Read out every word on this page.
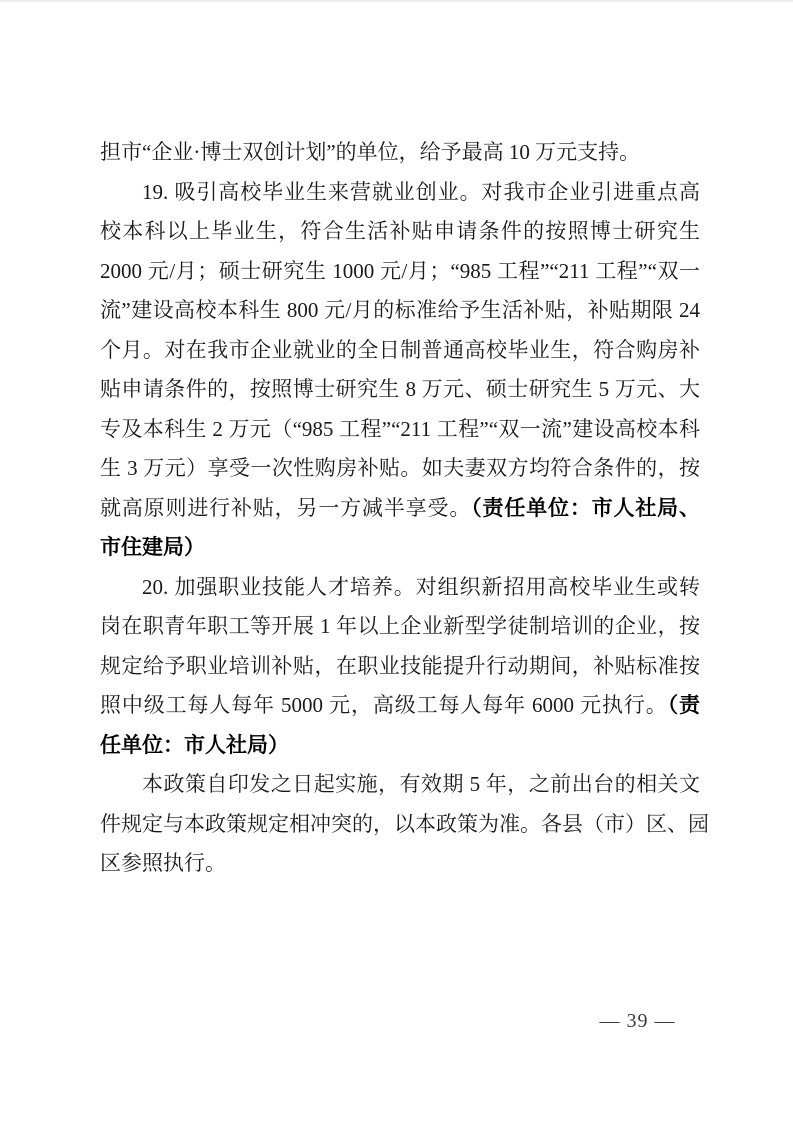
担市“企业·博士双创计划”的单位，给予最高 10 万元支持。
19. 吸引高校毕业生来营就业创业。对我市企业引进重点高
校本科以上毕业生，符合生活补贴申请条件的按照博士研究生
2000 元/月；硕士研究生 1000 元/月；“985 工程”“211 工程”“双一
流”建设高校本科生 800 元/月的标准给予生活补贴，补贴期限 24
个月。对在我市企业就业的全日制普通高校毕业生，符合购房补
贴申请条件的，按照博士研究生 8 万元、硕士研究生 5 万元、大
专及本科生 2 万元（“985 工程”“211 工程”“双一流”建设高校本科
生 3 万元）享受一次性购房补贴。如夫妻双方均符合条件的，按
就高原则进行补贴，另一方减半享受。（责任单位：市人社局、
市住建局）
20. 加强职业技能人才培养。对组织新招用高校毕业生或转
岗在职青年职工等开展 1 年以上企业新型学徒制培训的企业，按
规定给予职业培训补贴，在职业技能提升行动期间，补贴标准按
照中级工每人每年 5000 元，高级工每人每年 6000 元执行。（责
任单位：市人社局）
本政策自印发之日起实施，有效期 5 年，之前出台的相关文
件规定与本政策规定相冲突的，以本政策为准。各县（市）区、园
区参照执行。
— 39 —
